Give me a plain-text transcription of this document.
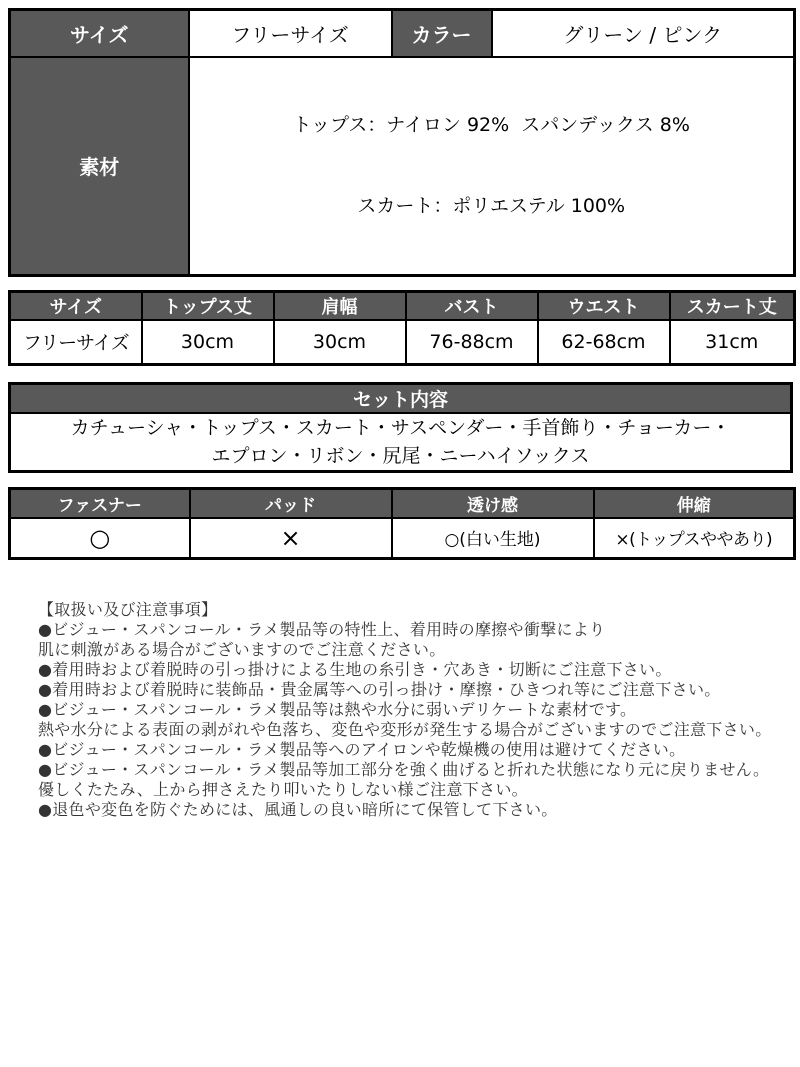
サイズ	フリーサイズ	カラー	グリーン / ピンク
素材	トップス：ナイロン 92%  スパンデックス 8%

スカート：ポリエステル 100%		

サイズ	トップス丈	肩幅	バスト	ウエスト	スカート丈
フリーサイズ	30cm	30cm	76-88cm	62-68cm	31cm
セット内容

カチューシャ・トップス・スカート・サスペンダー・手首飾り・チョーカー・
エプロン・リボン・尻尾・ニーハイソックス
ファスナー	パッド	透け感	伸縮
○	×	○(白い生地)	×(トップスややあり)
【取扱い及び注意事項】
●ビジュー・スパンコール・ラメ製品等の特性上、着用時の摩擦や衝撃により
肌に刺激がある場合がございますのでご注意ください。
●着用時および着脱時の引っ掛けによる生地の糸引き・穴あき・切断にご注意下さい。
●着用時および着脱時に装飾品・貴金属等への引っ掛け・摩擦・ひきつれ等にご注意下さい。
●ビジュー・スパンコール・ラメ製品等は熱や水分に弱いデリケートな素材です。
熱や水分による表面の剥がれや色落ち、変色や変形が発生する場合がございますのでご注意下さい。
●ビジュー・スパンコール・ラメ製品等へのアイロンや乾燥機の使用は避けてください。
●ビジュー・スパンコール・ラメ製品等加工部分を強く曲げると折れた状態になり元に戻りません。
優しくたたみ、上から押さえたり叩いたりしない様ご注意下さい。
●退色や変色を防ぐためには、風通しの良い暗所にて保管して下さい。
